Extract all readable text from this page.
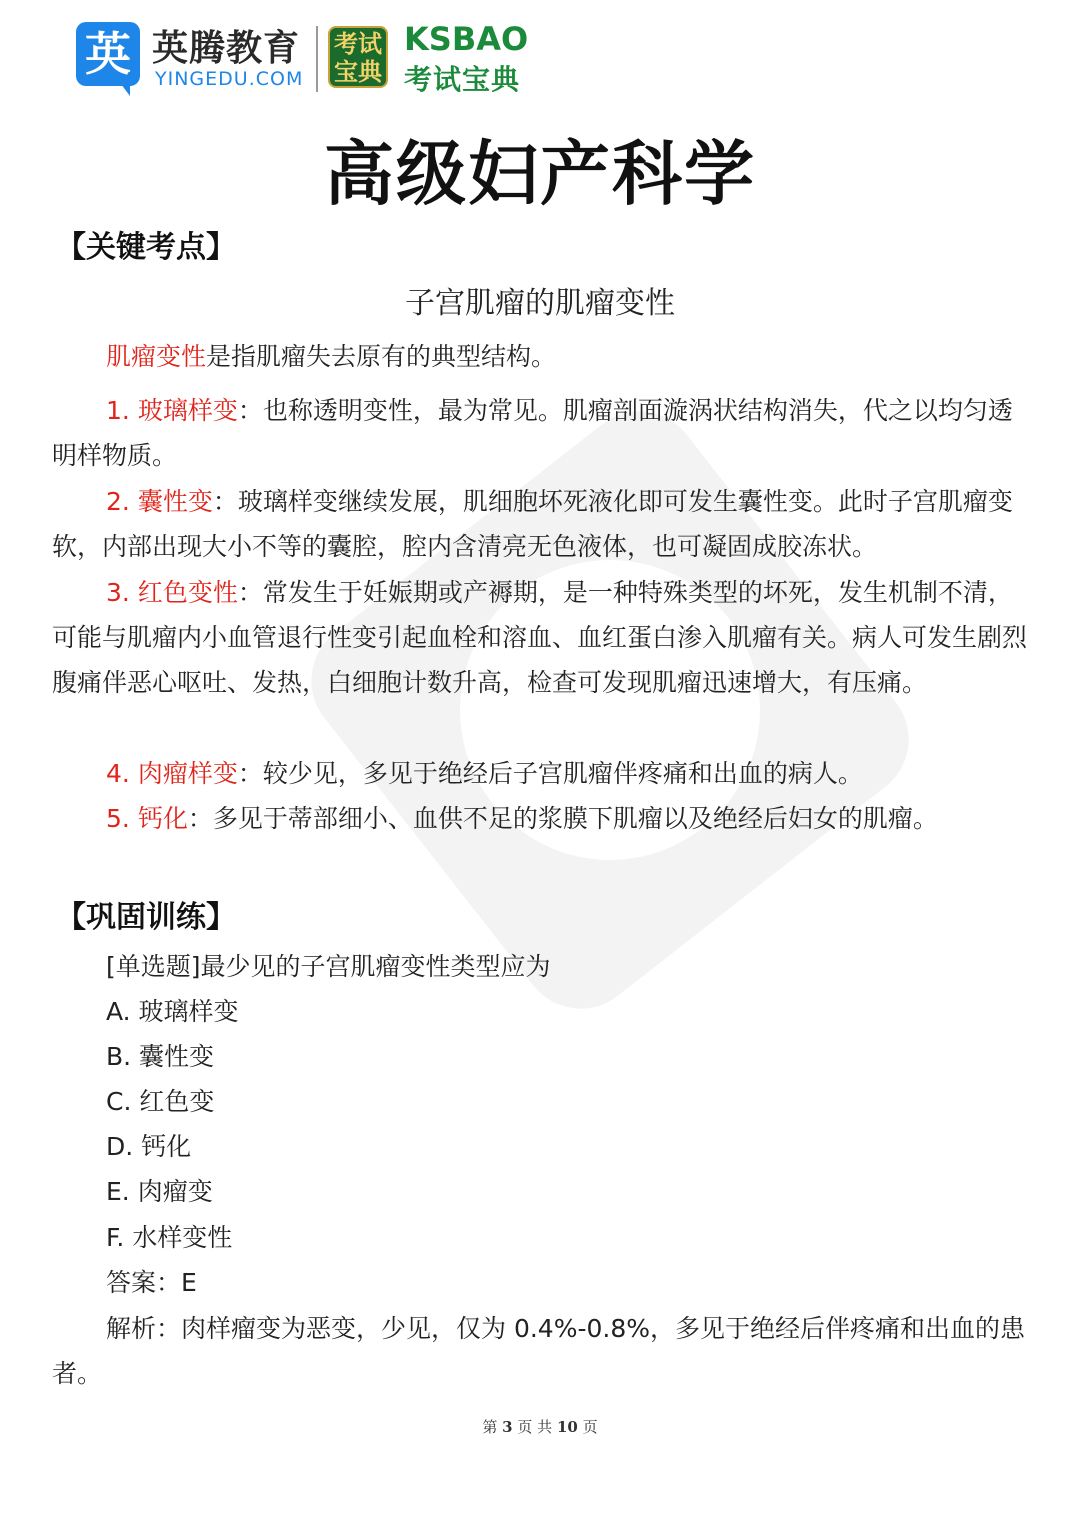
英 英腾教育
YINGEDU.COM
考试宝典
KSBAO
考试宝典
高级妇产科学
【关键考点】
子宫肌瘤的肌瘤变性
肌瘤变性是指肌瘤失去原有的典型结构。
1. 玻璃样变：也称透明变性，最为常见。肌瘤剖面漩涡状结构消失，代之以均匀透明样物质。
2. 囊性变：玻璃样变继续发展，肌细胞坏死液化即可发生囊性变。此时子宫肌瘤变软，内部出现大小不等的囊腔，腔内含清亮无色液体，也可凝固成胶冻状。
3. 红色变性：常发生于妊娠期或产褥期，是一种特殊类型的坏死，发生机制不清，可能与肌瘤内小血管退行性变引起血栓和溶血、血红蛋白渗入肌瘤有关。病人可发生剧烈腹痛伴恶心呕吐、发热，白细胞计数升高，检查可发现肌瘤迅速增大，有压痛。
4. 肉瘤样变：较少见，多见于绝经后子宫肌瘤伴疼痛和出血的病人。
5. 钙化：多见于蒂部细小、血供不足的浆膜下肌瘤以及绝经后妇女的肌瘤。
【巩固训练】
[单选题]最少见的子宫肌瘤变性类型应为
A. 玻璃样变
B. 囊性变
C. 红色变
D. 钙化
E. 肉瘤变
F. 水样变性
答案：E
解析：肉样瘤变为恶变，少见，仅为 0.4%-0.8%，多见于绝经后伴疼痛和出血的患者。
第 3 页 共 10 页
